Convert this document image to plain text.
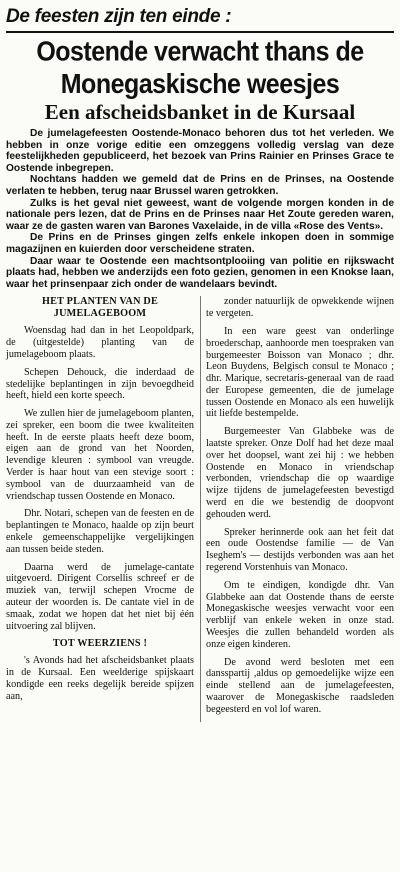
De feesten zijn ten einde :
Oostende verwacht thans de Monegaskische weesjes
Een afscheidsbanket in de Kursaal

De jumelagefeesten Oostende-Monaco behoren dus tot het verleden. We hebben in onze vorige editie een omzeggens volledig verslag van deze feestelijkheden gepubliceerd, het bezoek van Prins Rainier en Prinses Grace te Oostende inbegrepen.

Nochtans hadden we gemeld dat de Prins en de Prinses, na Oostende verlaten te hebben, terug naar Brussel waren getrokken.

Zulks is het geval niet geweest, want de volgende morgen konden in de nationale pers lezen, dat de Prins en de Prinses naar Het Zoute gereden waren, waar ze de gasten waren van Barones Vaxelaide, in de villa «Rose des Vents».

De Prins en de Prinses gingen zelfs enkele inkopen doen in sommige magazijnen en kuierden door verscheidene straten.

Daar waar te Oostende een machtsontplooiing van politie en rijkswacht plaats had, hebben we anderzijds een foto gezien, genomen in een Knokse laan, waar het prinsenpaar zich onder de wandelaars bevindt.

HET PLANTEN VAN DE JUMELAGEBOOM

Woensdag had dan in het Leopoldpark, de (uitgestelde) planting van de jumelageboom plaats.

Schepen Dehouck, die inderdaad de stedelijke beplantingen in zijn bevoegdheid heeft, hield een korte speech.

We zullen hier de jumelageboom planten, zei spreker, een boom die twee kwaliteiten heeft. In de eerste plaats heeft deze boom, eigen aan de grond van het Noorden, levendige kleuren : symbool van vreugde. Verder is haar hout van een stevige soort : symbool van de duurzaamheid van de vriendschap tussen Oostende en Monaco.

Dhr. Notari, schepen van de feesten en de beplantingen te Monaco, haalde op zijn beurt enkele gemeenschappelijke vergelijkingen aan tussen beide steden.

Daarna werd de jumelage-cantate uitgevoerd. Dirigent Corsellis schreef er de muziek van, terwijl schepen Vrocme de auteur der woorden is. De cantate viel in de smaak, zodat we hopen dat het niet bij één uitvoering zal blijven.

TOT WEERZIENS !

's Avonds had het afscheidsbanket plaats in de Kursaal. Een weelderige spijskaart kondigde een reeks degelijk bereide spijzen aan,

zonder natuurlijk de opwekkende wijnen te vergeten.

In een ware geest van onderlinge broederschap, aanhoorde men toespraken van burgemeester Boisson van Monaco ; dhr. Leon Buydens, Belgisch consul te Monaco ; dhr. Marique, secretaris-generaal van de raad der Europese gemeenten, die de jumelage tussen Oostende en Monaco als een huwelijk uit liefde bestempelde.

Burgemeester Van Glabbeke was de laatste spreker. Onze Dolf had het deze maal over het doopsel, want zei hij : we hebben Oostende en Monaco in vriendschap verbonden, vriendschap die op waardige wijze tijdens de jumelagefeesten bevestigd werd en die we bestendig de doopvont gehouden werd.

Spreker herinnerde ook aan het feit dat een oude Oostendse familie — de Van Iseghem's — destijds verbonden was aan het regerend Vorstenhuis van Monaco.

Om te eindigen, kondigde dhr. Van Glabbeke aan dat Oostende thans de eerste Monegaskische weesjes verwacht voor een verblijf van enkele weken in onze stad. Weesjes die zullen behandeld worden als onze eigen kinderen.

De avond werd besloten met een dansspartij ,aldus op gemoedelijke wijze een einde stellend aan de jumelagefeesten, waarover de Monegaskische raadsleden begeesterd en vol lof waren.
